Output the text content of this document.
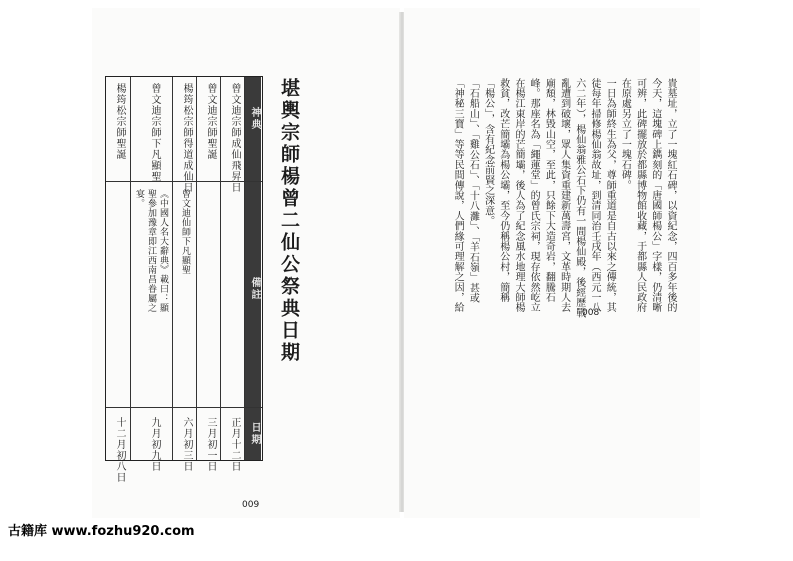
堪輿宗師楊曾二仙公祭典日期
楊筠松宗師聖誕
十二月初八日
曾文迪宗師下凡顯聖
《中國人名大辭典》載曰：顯聖參加豫章即江西南昌眷屬之宴。
九月初九日
楊筠松宗師得道成仙日
曾文迪仙師下凡顯聖
六月初三日
曾文迪宗師聖誕
三月初一日
曾文迪宗師成仙飛昇日
正月十二日
神典
備註
日期
009

貴墓址，立了一塊紅石碑，以資紀念，四百多年後的今天，這塊碑上鐫刻的「唐國師楊公」字樣，仍清晰可辨，此碑擺放於都縣博物館收藏，于都縣人民政府在原處另立了一塊石碑。

一日為師終生為父，尊師重道是自古以來之傳統，其徒每年掃修楊仙翁故址，到清同治壬戌年（西元一八六二年），楊仙翁雅公石下仍有一間楊仙殿，後經歷戰亂遭到破壞，眾人集資重建新萬壽宮，文革時期人去廟頹，林毀山空，至此，只餘下大造奇岩，翻騰石峰。那座名為「繩蓮堂」的曾氏宗祠，現存依然屹立在楊江東岸的芒簡壩，後人為了紀念風水地理大師楊救貧，改芒簡壩為楊公壩，至今仍稱楊公村，簡稱「楊公」，含有紀念前賢之深意。

「石船山」、「雞公石」、「十八灘」、「羊石嶺」甚或「神秘三寶」等等民間傳說，人們緣可理解之因，給

008
古籍库 www.fozhu920.com
